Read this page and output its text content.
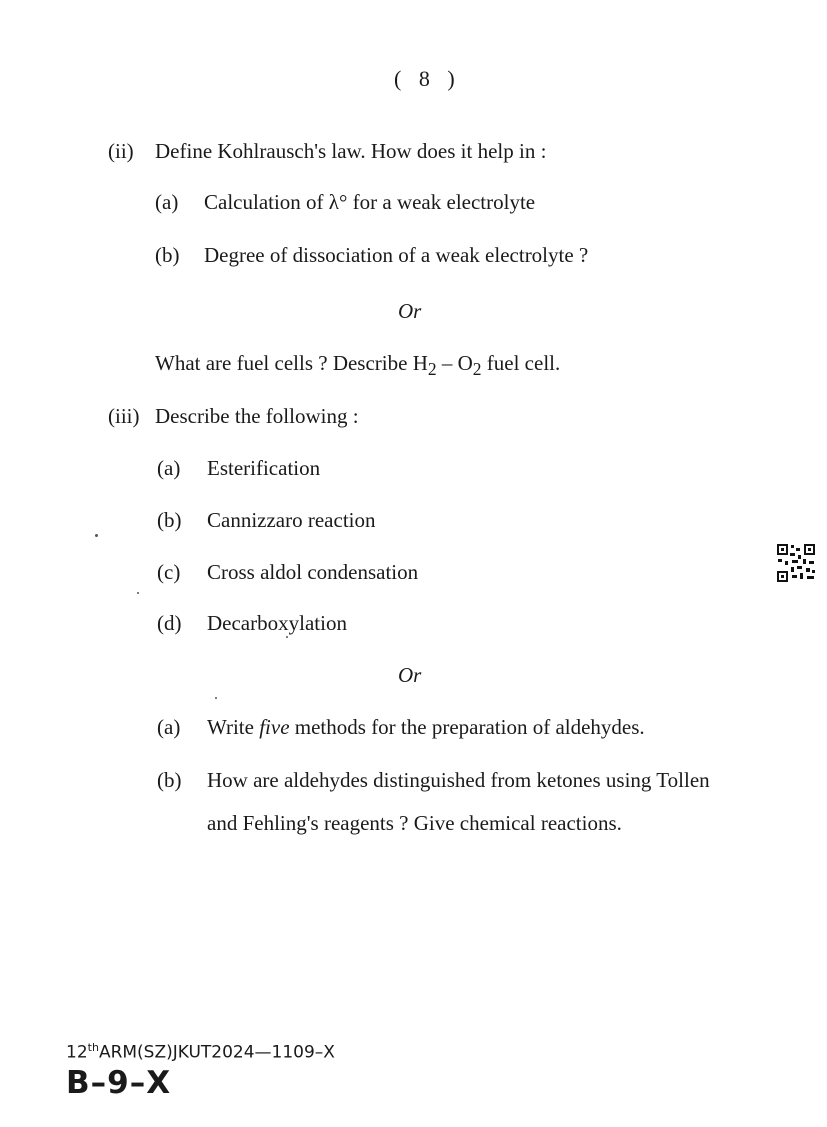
( 8 )
(ii) Define Kohlrausch's law. How does it help in :
(a) Calculation of λ° for a weak electrolyte
(b) Degree of dissociation of a weak electrolyte ?
Or
What are fuel cells ? Describe $H_2 - O_2$ fuel cell.
(iii) Describe the following :
(a) Esterification
(b) Cannizzaro reaction
(c) Cross aldol condensation
(d) Decarboxylation
Or
(a) Write five methods for the preparation of aldehydes.
(b) How are aldehydes distinguished from ketones using Tollen
and Fehling's reagents ? Give chemical reactions.
12thARM(SZ)JKUT2024—1109–X
B–9–X
